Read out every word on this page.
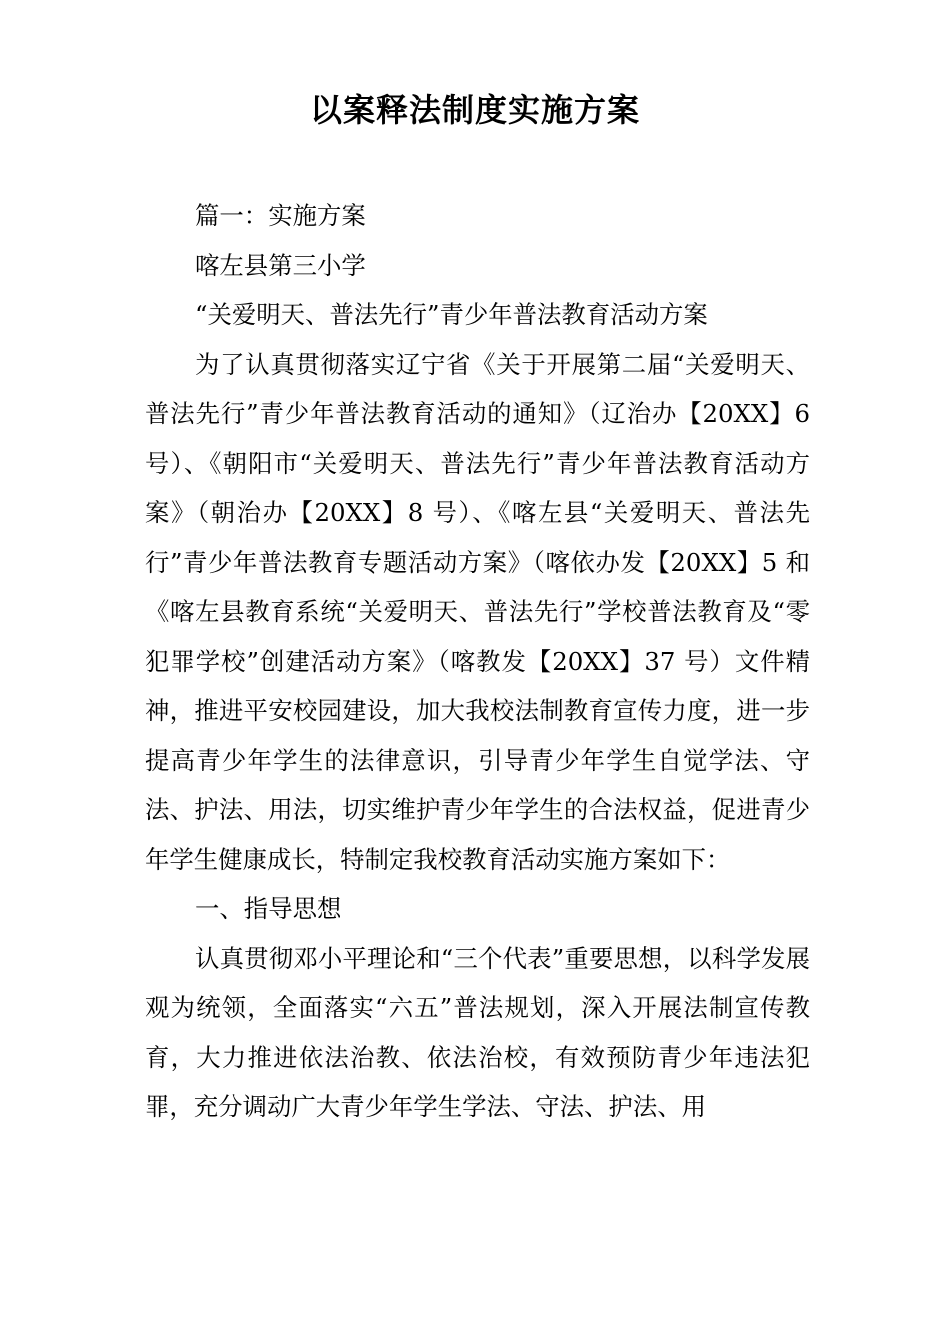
以案释法制度实施方案

篇一：实施方案

喀左县第三小学

“关爱明天、普法先行”青少年普法教育活动方案

为了认真贯彻落实辽宁省《关于开展第二届“关爱明天、普法先行”青少年普法教育活动的通知》（辽治办【20XX】6 号）、《朝阳市“关爱明天、普法先行”青少年普法教育活动方案》（朝治办【20XX】8 号）、《喀左县“关爱明天、普法先行”青少年普法教育专题活动方案》（喀依办发【20XX】5 和《喀左县教育系统“关爱明天、普法先行”学校普法教育及“零犯罪学校”创建活动方案》（喀教发【20XX】37 号）文件精神，推进平安校园建设，加大我校法制教育宣传力度，进一步提高青少年学生的法律意识，引导青少年学生自觉学法、守法、护法、用法，切实维护青少年学生的合法权益，促进青少年学生健康成长，特制定我校教育活动实施方案如下：

一、指导思想

认真贯彻邓小平理论和“三个代表”重要思想，以科学发展观为统领，全面落实“六五”普法规划，深入开展法制宣传教育，大力推进依法治教、依法治校，有效预防青少年违法犯罪，充分调动广大青少年学生学法、守法、护法、用
